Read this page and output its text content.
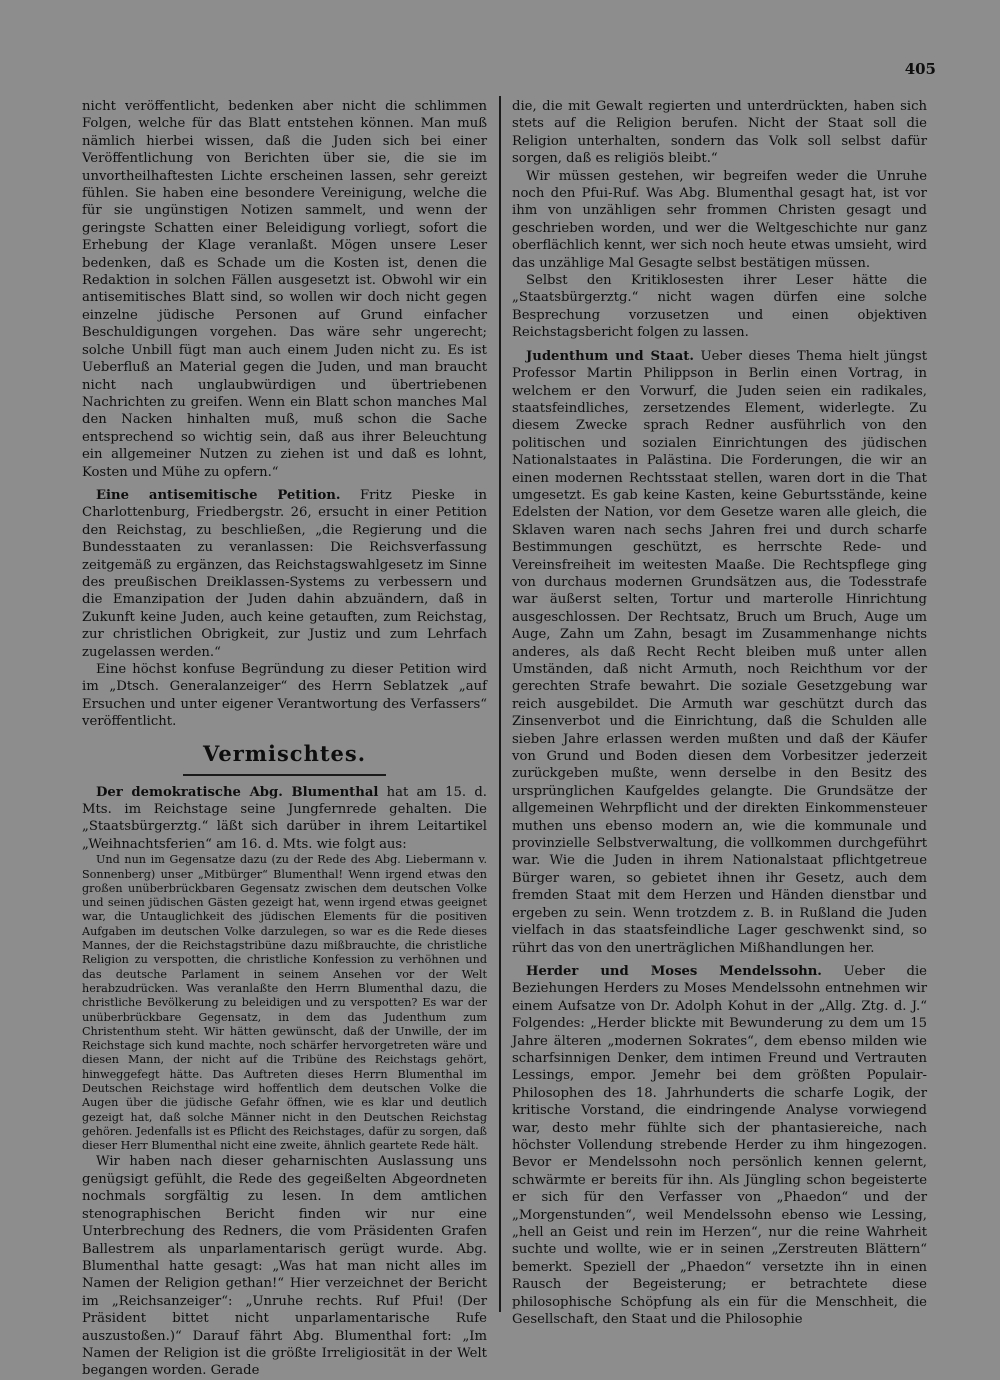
405

nicht veröffentlicht, bedenken aber nicht die schlimmen Folgen, welche für das Blatt entstehen können. Man muß nämlich hierbei wissen, daß die Juden sich bei einer Veröffentlichung von Berichten über sie, die sie im unvortheilhaftesten Lichte erscheinen lassen, sehr gereizt fühlen. Sie haben eine besondere Vereinigung, welche die für sie ungünstigen Notizen sammelt, und wenn der geringste Schatten einer Beleidigung vorliegt, sofort die Erhebung der Klage veranlaßt. Mögen unsere Leser bedenken, daß es Schade um die Kosten ist, denen die Redaktion in solchen Fällen ausgesetzt ist. Obwohl wir ein antisemitisches Blatt sind, so wollen wir doch nicht gegen einzelne jüdische Personen auf Grund einfacher Beschuldigungen vorgehen. Das wäre sehr ungerecht; solche Unbill fügt man auch einem Juden nicht zu. Es ist Ueberfluß an Material gegen die Juden, und man braucht nicht nach unglaubwürdigen und übertriebenen Nachrichten zu greifen. Wenn ein Blatt schon manches Mal den Nacken hinhalten muß, muß schon die Sache entsprechend so wichtig sein, daß aus ihrer Beleuchtung ein allgemeiner Nutzen zu ziehen ist und daß es lohnt, Kosten und Mühe zu opfern.“

Eine antisemitische Petition. Fritz Pieske in Charlottenburg, Friedbergstr. 26, ersucht in einer Petition den Reichstag, zu beschließen, „die Regierung und die Bundesstaaten zu veranlassen: Die Reichsverfassung zeitgemäß zu ergänzen, das Reichstagswahlgesetz im Sinne des preußischen Dreiklassen-Systems zu verbessern und die Emanzipation der Juden dahin abzuändern, daß in Zukunft keine Juden, auch keine getauften, zum Reichstag, zur christlichen Obrigkeit, zur Justiz und zum Lehrfach zugelassen werden.“

Eine höchst konfuse Begründung zu dieser Petition wird im „Dtsch. Generalanzeiger“ des Herrn Seblatzek „auf Ersuchen und unter eigener Verantwortung des Verfassers“ veröffentlicht.

Vermischtes.

Der demokratische Abg. Blumenthal hat am 15. d. Mts. im Reichstage seine Jungfernrede gehalten. Die „Staatsbürgerztg.“ läßt sich darüber in ihrem Leitartikel „Weihnachtsferien“ am 16. d. Mts. wie folgt aus:

Und nun im Gegensatze dazu (zu der Rede des Abg. Liebermann v. Sonnenberg) unser „Mitbürger“ Blumenthal! Wenn irgend etwas den großen unüberbrückbaren Gegensatz zwischen dem deutschen Volke und seinen jüdischen Gästen gezeigt hat, wenn irgend etwas geeignet war, die Untauglichkeit des jüdischen Elements für die positiven Aufgaben im deutschen Volke darzulegen, so war es die Rede dieses Mannes, der die Reichstagstribüne dazu mißbrauchte, die christliche Religion zu verspotten, die christliche Konfession zu verhöhnen und das deutsche Parlament in seinem Ansehen vor der Welt herabzudrücken. Was veranlaßte den Herrn Blumenthal dazu, die christliche Bevölkerung zu beleidigen und zu verspotten? Es war der unüberbrückbare Gegensatz, in dem das Judenthum zum Christenthum steht. Wir hätten gewünscht, daß der Unwille, der im Reichstage sich kund machte, noch schärfer hervorgetreten wäre und diesen Mann, der nicht auf die Tribüne des Reichstags gehört, hinweggefegt hätte. Das Auftreten dieses Herrn Blumenthal im Deutschen Reichstage wird hoffentlich dem deutschen Volke die Augen über die jüdische Gefahr öffnen, wie es klar und deutlich gezeigt hat, daß solche Männer nicht in den Deutschen Reichstag gehören. Jedenfalls ist es Pflicht des Reichstages, dafür zu sorgen, daß dieser Herr Blumenthal nicht eine zweite, ähnlich geartete Rede hält.

Wir haben nach dieser geharnischten Auslassung uns genügsigt gefühlt, die Rede des gegeißelten Abgeordneten nochmals sorgfältig zu lesen. In dem amtlichen stenographischen Bericht finden wir nur eine Unterbrechung des Redners, die vom Präsidenten Grafen Ballestrem als unparlamentarisch gerügt wurde. Abg. Blumenthal hatte gesagt: „Was hat man nicht alles im Namen der Religion gethan!“ Hier verzeichnet der Bericht im „Reichsanzeiger“: „Unruhe rechts. Ruf Pfui! (Der Präsident bittet nicht unparlamentarische Rufe auszustoßen.)“ Darauf fährt Abg. Blumenthal fort: „Im Namen der Religion ist die größte Irreligiosität in der Welt begangen worden. Gerade

die, die mit Gewalt regierten und unterdrückten, haben sich stets auf die Religion berufen. Nicht der Staat soll die Religion unterhalten, sondern das Volk soll selbst dafür sorgen, daß es religiös bleibt.“

Wir müssen gestehen, wir begreifen weder die Unruhe noch den Pfui-Ruf. Was Abg. Blumenthal gesagt hat, ist vor ihm von unzähligen sehr frommen Christen gesagt und geschrieben worden, und wer die Weltgeschichte nur ganz oberflächlich kennt, wer sich noch heute etwas umsieht, wird das unzählige Mal Gesagte selbst bestätigen müssen.

Selbst den Kritiklosesten ihrer Leser hätte die „Staatsbürgerztg.“ nicht wagen dürfen eine solche Besprechung vorzusetzen und einen objektiven Reichstagsbericht folgen zu lassen.

Judenthum und Staat. Ueber dieses Thema hielt jüngst Professor Martin Philippson in Berlin einen Vortrag, in welchem er den Vorwurf, die Juden seien ein radikales, staatsfeindliches, zersetzendes Element, widerlegte. Zu diesem Zwecke sprach Redner ausführlich von den politischen und sozialen Einrichtungen des jüdischen Nationalstaates in Palästina. Die Forderungen, die wir an einen modernen Rechtsstaat stellen, waren dort in die That umgesetzt. Es gab keine Kasten, keine Geburtsstände, keine Edelsten der Nation, vor dem Gesetze waren alle gleich, die Sklaven waren nach sechs Jahren frei und durch scharfe Bestimmungen geschützt, es herrschte Rede- und Vereinsfreiheit im weitesten Maaße. Die Rechtspflege ging von durchaus modernen Grundsätzen aus, die Todesstrafe war äußerst selten, Tortur und marterolle Hinrichtung ausgeschlossen. Der Rechtsatz, Bruch um Bruch, Auge um Auge, Zahn um Zahn, besagt im Zusammenhange nichts anderes, als daß Recht Recht bleiben muß unter allen Umständen, daß nicht Armuth, noch Reichthum vor der gerechten Strafe bewahrt. Die soziale Gesetzgebung war reich ausgebildet. Die Armuth war geschützt durch das Zinsenverbot und die Einrichtung, daß die Schulden alle sieben Jahre erlassen werden mußten und daß der Käufer von Grund und Boden diesen dem Vorbesitzer jederzeit zurückgeben mußte, wenn derselbe in den Besitz des ursprünglichen Kaufgeldes gelangte. Die Grundsätze der allgemeinen Wehrpflicht und der direkten Einkommensteuer muthen uns ebenso modern an, wie die kommunale und provinzielle Selbstverwaltung, die vollkommen durchgeführt war. Wie die Juden in ihrem Nationalstaat pflichtgetreue Bürger waren, so gebietet ihnen ihr Gesetz, auch dem fremden Staat mit dem Herzen und Händen dienstbar und ergeben zu sein. Wenn trotzdem z. B. in Rußland die Juden vielfach in das staatsfeindliche Lager geschwenkt sind, so rührt das von den unerträglichen Mißhandlungen her.

Herder und Moses Mendelssohn. Ueber die Beziehungen Herders zu Moses Mendelssohn entnehmen wir einem Aufsatze von Dr. Adolph Kohut in der „Allg. Ztg. d. J.“ Folgendes: „Herder blickte mit Bewunderung zu dem um 15 Jahre älteren „modernen Sokrates“, dem ebenso milden wie scharfsinnigen Denker, dem intimen Freund und Vertrauten Lessings, empor. Jemehr bei dem größten Populair-Philosophen des 18. Jahrhunderts die scharfe Logik, der kritische Vorstand, die eindringende Analyse vorwiegend war, desto mehr fühlte sich der phantasiereiche, nach höchster Vollendung strebende Herder zu ihm hingezogen. Bevor er Mendelssohn noch persönlich kennen gelernt, schwärmte er bereits für ihn. Als Jüngling schon begeisterte er sich für den Verfasser von „Phaedon“ und der „Morgenstunden“, weil Mendelssohn ebenso wie Lessing, „hell an Geist und rein im Herzen“, nur die reine Wahrheit suchte und wollte, wie er in seinen „Zerstreuten Blättern“ bemerkt. Speziell der „Phaedon“ versetzte ihn in einen Rausch der Begeisterung; er betrachtete diese philosophische Schöpfung als ein für die Menschheit, die Gesellschaft, den Staat und die Philosophie
